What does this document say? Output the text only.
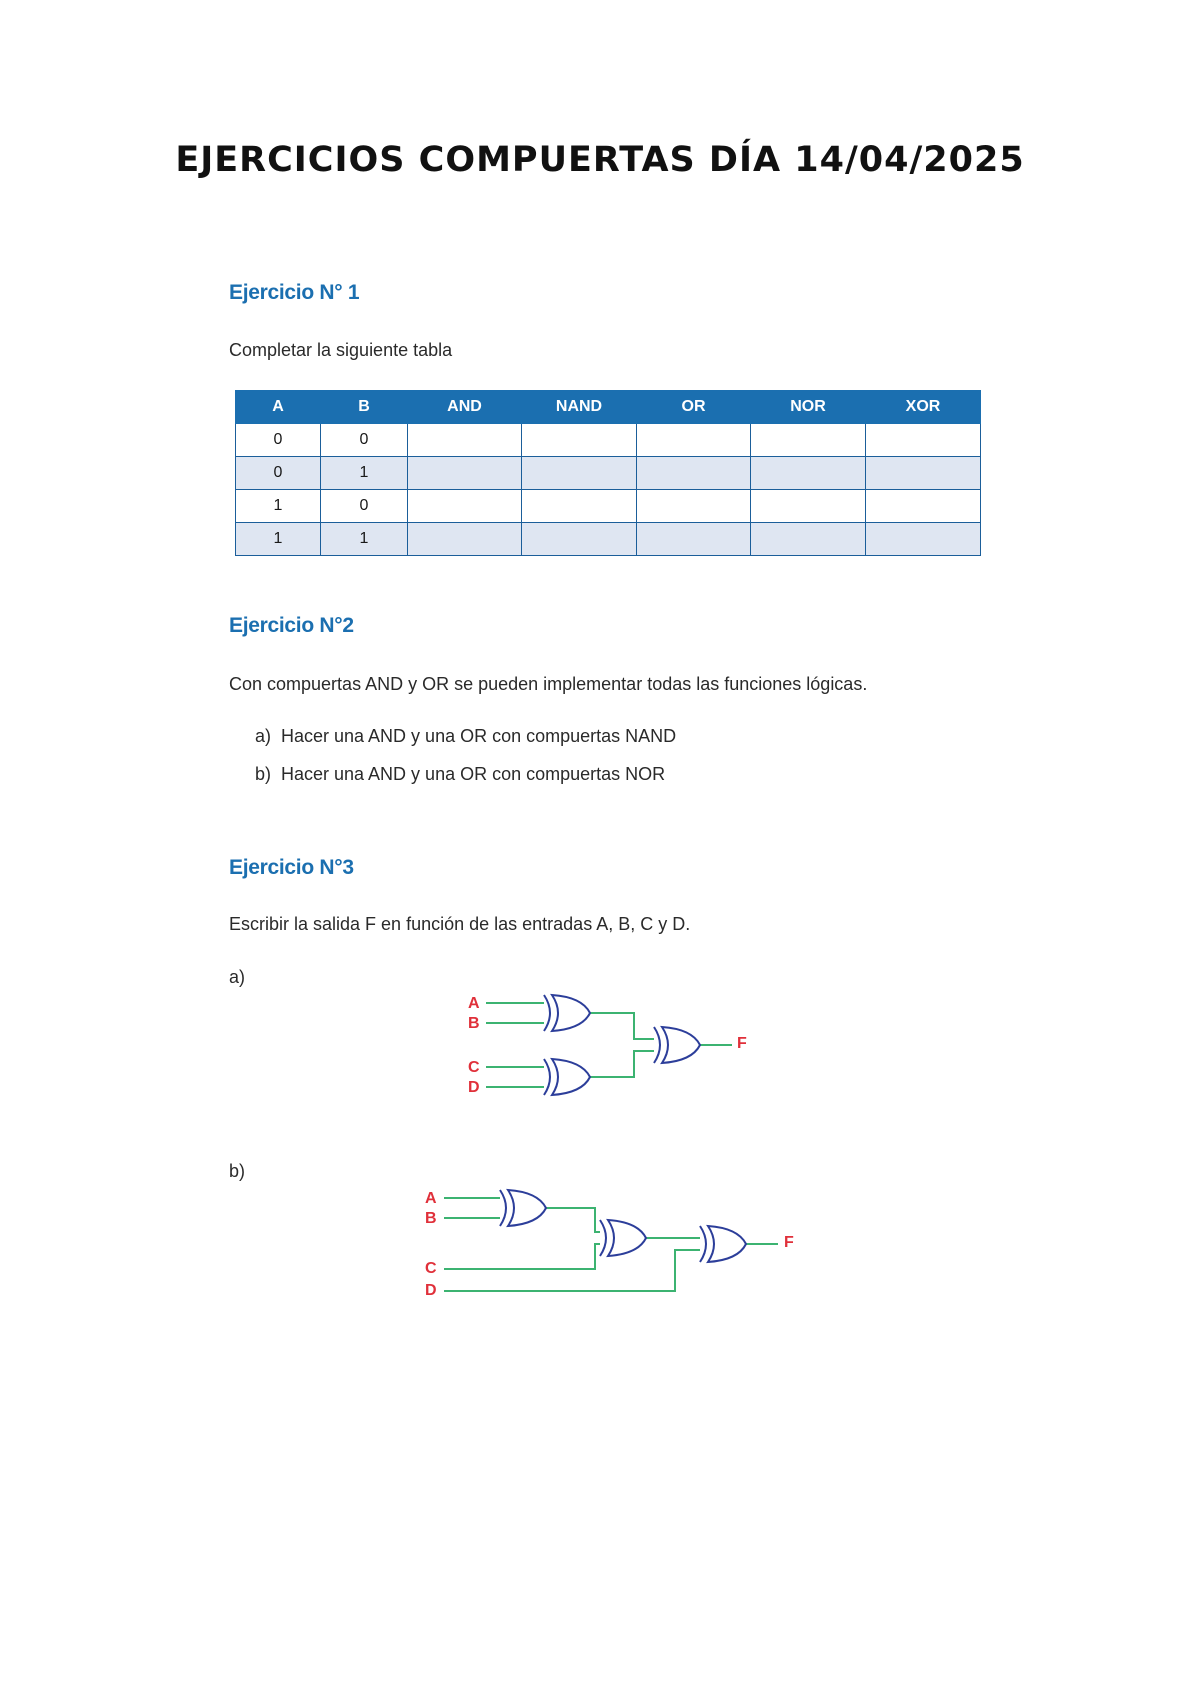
EJERCICIOS COMPUERTAS DÍA 14/04/2025
Ejercicio N° 1
Completar la siguiente tabla
A	B	AND	NAND	OR	NOR	XOR
0	0					
0	1					
1	0					
1	1					
Ejercicio N°2
Con compuertas AND y OR se pueden implementar todas las funciones lógicas.
a) Hacer una AND y una OR con compuertas NAND
b) Hacer una AND y una OR con compuertas NOR
Ejercicio N°3
Escribir la salida F en función de las entradas A, B, C y D.
a)
A
B
C
D
F
b)
A
B
C
D
F
